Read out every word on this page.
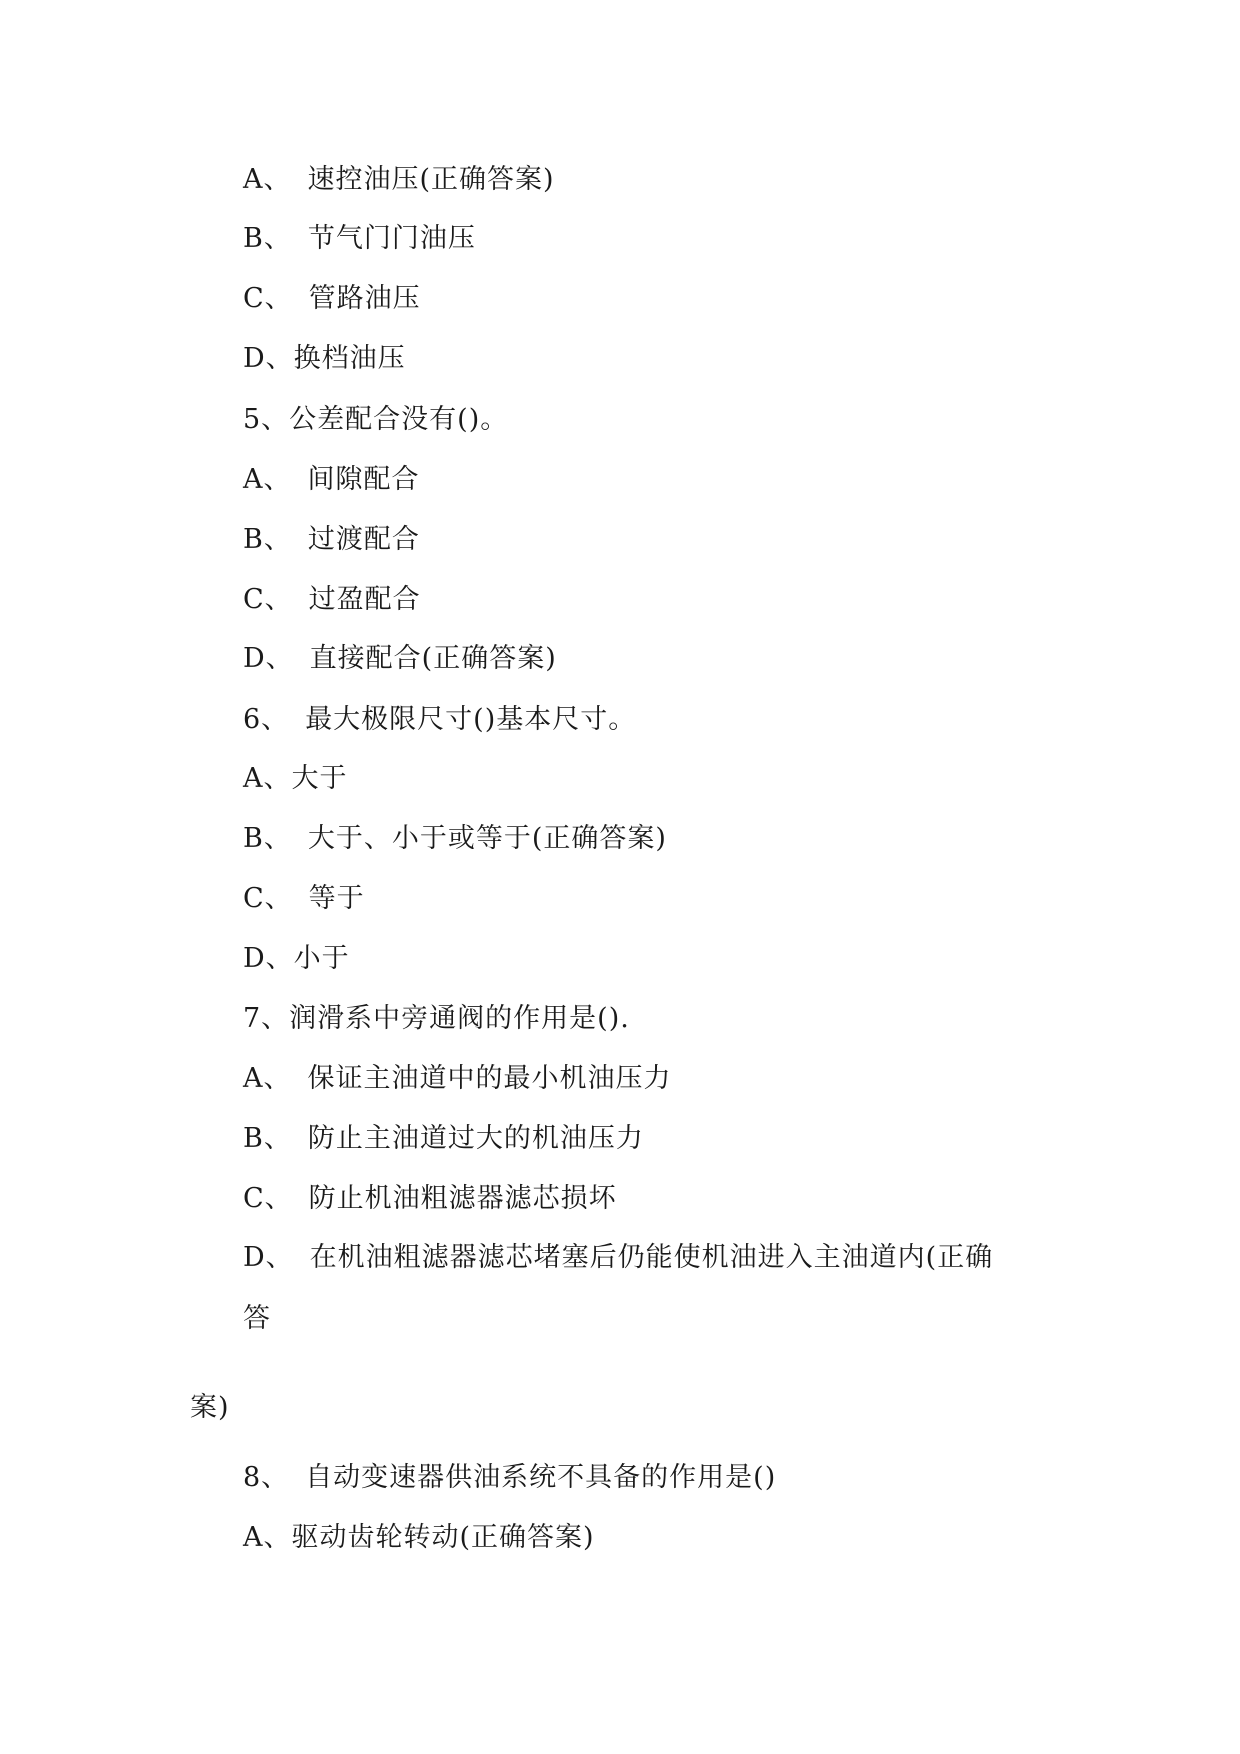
A、 速控油压(正确答案)
B、 节气门门油压
C、 管路油压
D、换档油压
5、公差配合没有()。
A、 间隙配合
B、 过渡配合
C、 过盈配合
D、 直接配合(正确答案)
6、 最大极限尺寸()基本尺寸。
A、大于
B、 大于、小于或等于(正确答案)
C、 等于
D、小于
7、润滑系中旁通阀的作用是().
A、 保证主油道中的最小机油压力
B、 防止主油道过大的机油压力
C、 防止机油粗滤器滤芯损坏
D、 在机油粗滤器滤芯堵塞后仍能使机油进入主油道内(正确
答
案)
8、 自动变速器供油系统不具备的作用是()
A、驱动齿轮转动(正确答案)
